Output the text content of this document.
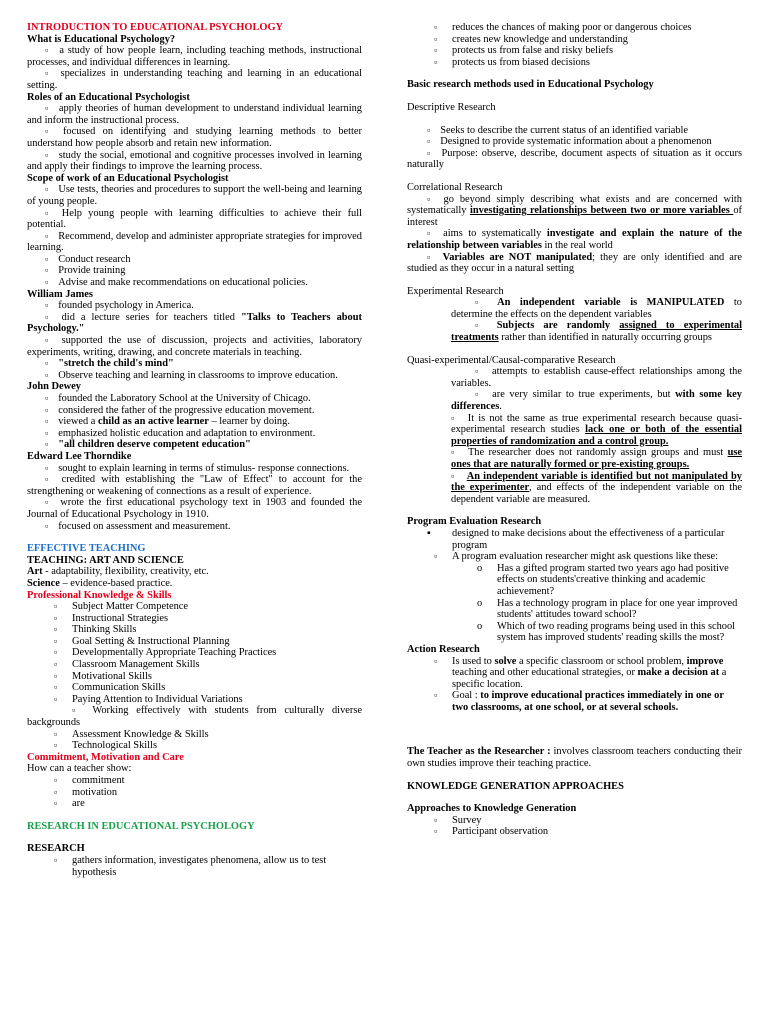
INTRODUCTION TO EDUCATIONAL PSYCHOLOGY
What is Educational Psychology?
▫ a study of how people learn, including teaching methods, instructional processes, and individual differences in learning.
▫ specializes in understanding teaching and learning in an educational setting.
Roles of an Educational Psychologist
▫ apply theories of human development to understand individual learning and inform the instructional process.
▫ focused on identifying and studying learning methods to better understand how people absorb and retain new information.
▫ study the social, emotional and cognitive processes involved in learning and apply their findings to improve the learning process.
Scope of work of an Educational Psychologist
▫ Use tests, theories and procedures to support the well-being and learning of young people.
▫ Help young people with learning difficulties to achieve their full potential.
▫ Recommend, develop and administer appropriate strategies for improved learning.
▫ Conduct research
▫ Provide training
▫ Advise and make recommendations on educational policies.
William James
▫ founded psychology in America.
▫ did a lecture series for teachers titled "Talks to Teachers about Psychology."
▫ supported the use of discussion, projects and activities, laboratory experiments, writing, drawing, and concrete materials in teaching.
▫ "stretch the child's mind"
▫ Observe teaching and learning in classrooms to improve education.
John Dewey
▫ founded the Laboratory School at the University of Chicago.
▫ considered the father of the progressive education movement.
▫ viewed a child as an active learner – learner by doing.
▫ emphasized holistic education and adaptation to environment.
▫ "all children deserve competent education"
Edward Lee Thorndike
▫ sought to explain learning in terms of stimulus- response connections.
▫ credited with establishing the "Law of Effect" to account for the strengthening or weakening of connections as a result of experience.
▫ wrote the first educational psychology text in 1903 and founded the Journal of Educational Psychology in 1910.
▫ focused on assessment and measurement.
EFFECTIVE TEACHING
TEACHING: ART AND SCIENCE
Art - adaptability, flexibility, creativity, etc.
Science – evidence-based practice.
Professional Knowledge & Skills
▫ Subject Matter Competence
▫ Instructional Strategies
▫ Thinking Skills
▫ Goal Setting & Instructional Planning
▫ Developmentally Appropriate Teaching Practices
▫ Classroom Management Skills
▫ Motivational Skills
▫ Communication Skills
▫ Paying Attention to Individual Variations
▫ Working effectively with students from culturally diverse backgrounds
▫ Assessment Knowledge & Skills
▫ Technological Skills
Commitment, Motivation and Care
How can a teacher show:
▫ commitment
▫ motivation
▫ are
RESEARCH IN EDUCATIONAL PSYCHOLOGY
RESEARCH
▫ gathers information, investigates phenomena, allow us to test hypothesis
▫ reduces the chances of making poor or dangerous choices
▫ creates new knowledge and understanding
▫ protects us from false and risky beliefs
▫ protects us from biased decisions
Basic research methods used in Educational Psychology
Descriptive Research
▫ Seeks to describe the current status of an identified variable
▫ Designed to provide systematic information about a phenomenon
▫ Purpose: observe, describe, document aspects of situation as it occurs naturally
Correlational Research
▫ go beyond simply describing what exists and are concerned with systematically investigating relationships between two or more variables of interest
▫ aims to systematically investigate and explain the nature of the relationship between variables in the real world
▫ Variables are NOT manipulated; they are only identified and are studied as they occur in a natural setting
Experimental Research
▫ An independent variable is MANIPULATED to determine the effects on the dependent variables
▫ Subjects are randomly assigned to experimental treatments rather than identified in naturally occurring groups
Quasi-experimental/Causal-comparative Research
▫ attempts to establish cause-effect relationships among the variables.
▫ are very similar to true experiments, but with some key differences.
▫ It is not the same as true experimental research because quasi-experimental research studies lack one or both of the essential properties of randomization and a control group.
▫ The researcher does not randomly assign groups and must use ones that are naturally formed or pre-existing groups.
▫ An independent variable is identified but not manipulated by the experimenter, and effects of the independent variable on the dependent variable are measured.
Program Evaluation Research
▪ designed to make decisions about the effectiveness of a particular program
▫ A program evaluation researcher might ask questions like these:
o Has a gifted program started two years ago had positive effects on students'creative thinking and academic achievement?
o Has a technology program in place for one year improved students' attitudes toward school?
o Which of two reading programs being used in this school system has improved students' reading skills the most?
Action Research
▫ Is used to solve a specific classroom or school problem, improve teaching and other educational strategies, or make a decision at a specific location.
▫ Goal : to improve educational practices immediately in one or two classrooms, at one school, or at several schools.
The Teacher as the Researcher : involves classroom teachers conducting their own studies improve their teaching practice.
KNOWLEDGE GENERATION APPROACHES
Approaches to Knowledge Generation
▫ Survey
▫ Participant observation
